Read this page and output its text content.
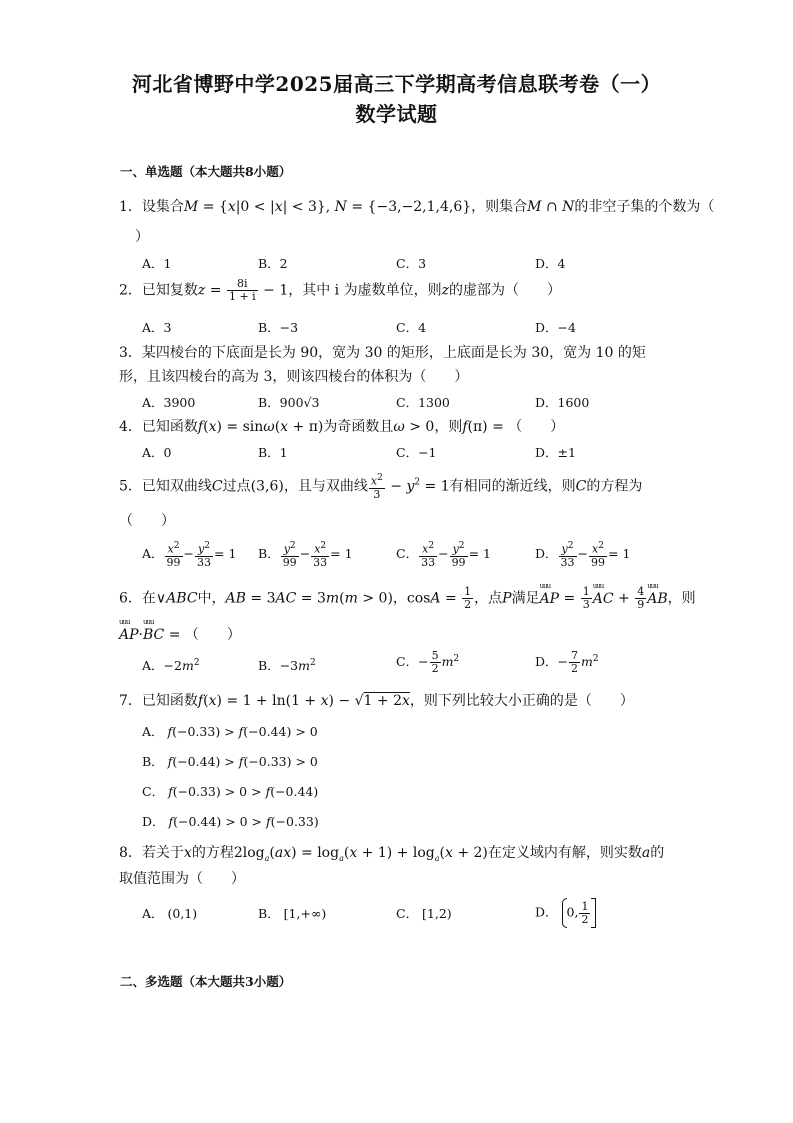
河北省博野中学2025届高三下学期高考信息联考卷（一）
数学试题
一、单选题（本大题共8小题）
1．设集合M = {x|0 < |x| < 3}, N = {−3,−2,1,4,6}，则集合M ∩ N的非空子集的个数为（
）
A．1	B．2	C．3	D．4
2．已知复数$z = \frac{8i}{1 + i} - 1$，其中 i 为虚数单位，则z的虚部为（　　）
A．3	B．−3	C．4	D．−4
3．某四棱台的下底面是长为 90，宽为 30 的矩形，上底面是长为 30，宽为 10 的矩
形，且该四棱台的高为 3，则该四棱台的体积为（　　）
A．3900	B．900√3	C．1300	D．1600
4．已知函数f(x) = sinω(x + π)为奇函数且ω > 0，则f(π) = （　　）
A．0	B．1	C．−1	D．±1
5．已知双曲线C过点(3,6)，且与双曲线 $\frac{x^2}{3} - y^2 = 1$有相同的渐近线，则C的方程为
（　　）
A． $\frac{x^2}{99} - \frac{y^2}{33} = 1$ B． $\frac{y^2}{99} - \frac{x^2}{33} = 1$	C． $\frac{x^2}{33} - \frac{y^2}{99} = 1$	D． $\frac{y^2}{33} - \frac{x^2}{99} = 1$
6．在∨ABC中，AB = 3AC = 3m(m > 0)，$\cos A = \frac{1}{2}$ ，点P满足uuu AP = $\frac{1}{3}$ uuu AC + $\frac{4}{9}$ uuu AB，则
uuu AP·uuu BC = （　　）
A．$-2m^2$	B．$-3m^2$	C．− $\frac{5}{2} m^2$	D．− $\frac{7}{2} m^2$
7．已知函数f(x) = 1 + ln(1 + x) − √1 + 2x，则下列比较大小正确的是（　　）
A． f(−0.33) > f(−0.44) > 0
B． f(−0.44) > f(−0.33) > 0
C． f(−0.33) > 0 > f(−0.44)
D． f(−0.44) > 0 > f(−0.33)
8．若关于x的方程$2\log_a(ax) = \log_a(x + 1) + \log_a(x + 2)$在定义域内有解，则实数a的
取值范围为（　　）
A． (0,1)	B． [1,+∞)	C． [1,2)	D． 0, $\frac{1}{2}$
二、多选题（本大题共3小题）
